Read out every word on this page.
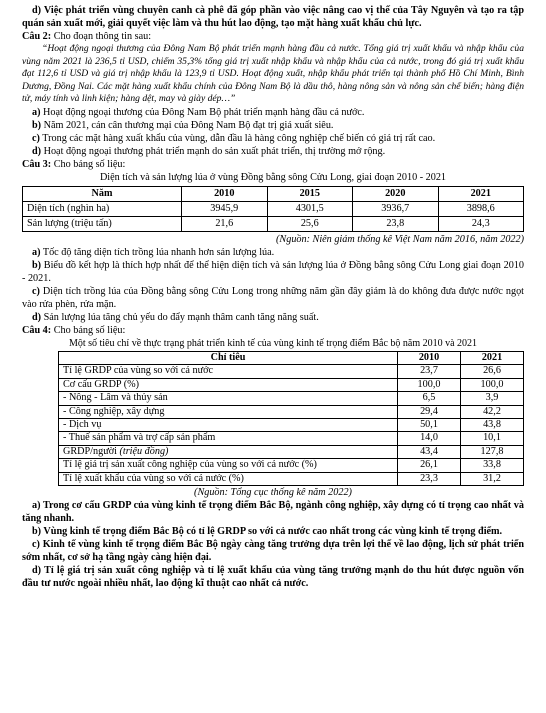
d) Việc phát triển vùng chuyên canh cà phê đã góp phần vào việc nâng cao vị thế của Tây Nguyên và tạo ra tập quán sản xuất mới, giải quyết việc làm và thu hút lao động, tạo mặt hàng xuất khẩu chủ lực.

Câu 2: Cho đoạn thông tin sau:

“Hoạt động ngoại thương của Đông Nam Bộ phát triển mạnh hàng đầu cả nước. Tổng giá trị xuất khẩu và nhập khẩu của vùng năm 2021 là 236,5 tỉ USD, chiếm 35,3% tổng giá trị xuất nhập khẩu và nhập khẩu của cả nước, trong đó giá trị xuất khẩu đạt 112,6 tỉ USD và giá trị nhập khẩu là 123,9 tỉ USD. Hoạt động xuất, nhập khẩu phát triển tại thành phố Hồ Chí Minh, Bình Dương, Đồng Nai. Các mặt hàng xuất khẩu chính của Đông Nam Bộ là dầu thô, hàng nông sản và nông sản chế biến; hàng điện tử, máy tính và linh kiện; hàng dệt, may và giày dép…”

a) Hoạt động ngoại thương của Đông Nam Bộ phát triển mạnh hàng đầu cả nước.

b) Năm 2021, cán cân thương mại của Đông Nam Bộ đạt trị giá xuất siêu.

c) Trong các mặt hàng xuất khẩu của vùng, dẫn đầu là hàng công nghiệp chế biến có giá trị rất cao.

d) Hoạt động ngoại thương phát triển mạnh do sản xuất phát triển, thị trường mở rộng.

Câu 3: Cho bảng số liệu:

Diện tích và sản lượng lúa ở vùng Đồng bằng sông Cửu Long, giai đoạn 2010 - 2021

Năm	2010	2015	2020	2021
Diện tích (nghìn ha)	3945,9	4301,5	3936,7	3898,6
Sản lượng (triệu tấn)	21,6	25,6	23,8	24,3

(Nguồn: Niên giám thống kê Việt Nam năm 2016, năm 2022)

a) Tốc độ tăng diện tích trồng lúa nhanh hơn sản lượng lúa.

b) Biểu đồ kết hợp là thích hợp nhất để thể hiện diện tích và sản lượng lúa ở Đồng bằng sông Cửu Long giai đoạn 2010 - 2021.

c) Diện tích trồng lúa của Đồng bằng sông Cửu Long trong những năm gần đây giảm là do không đưa được nước ngọt vào rửa phèn, rửa mặn.

d) Sản lượng lúa tăng chủ yếu do đẩy mạnh thâm canh tăng năng suất.

Câu 4: Cho bảng số liệu:

Một số tiêu chí về thực trạng phát triển kinh tế của vùng kinh tế trọng điểm Bắc bộ năm 2010 và 2021

Chỉ tiêu	2010	2021
Tỉ lệ GRDP của vùng so với cả nước	23,7	26,6
Cơ cấu GRDP (%)	100,0	100,0
- Nông - Lâm và thủy sản	6,5	3,9
- Công nghiệp, xây dựng	29,4	42,2
- Dịch vụ	50,1	43,8
- Thuế sản phẩm và trợ cấp sản phẩm	14,0	10,1
GRDP/người (triệu đồng)	43,4	127,8
Tỉ lệ giá trị sản xuất công nghiệp của vùng so với cả nước (%)	26,1	33,8
Tỉ lệ xuất khẩu của vùng so với cả nước (%)	23,3	31,2

(Nguồn: Tổng cục thống kê năm 2022)

a) Trong cơ cấu GRDP của vùng kinh tế trọng điểm Bắc Bộ, ngành công nghiệp, xây dựng có tỉ trọng cao nhất và tăng nhanh.

b) Vùng kinh tế trọng điểm Bắc Bộ có tỉ lệ GRDP so với cả nước cao nhất trong các vùng kinh tế trọng điểm.

c) Kinh tế vùng kinh tế trọng điểm Bắc Bộ ngày càng tăng trưởng dựa trên lợi thế về lao động, lịch sử phát triển sớm nhất, cơ sở hạ tầng ngày càng hiện đại.

d) Tỉ lệ giá trị sản xuất công nghiệp và tỉ lệ xuất khẩu của vùng tăng trưởng mạnh do thu hút được nguồn vốn đầu tư nước ngoài nhiều nhất, lao động kĩ thuật cao nhất cả nước.
